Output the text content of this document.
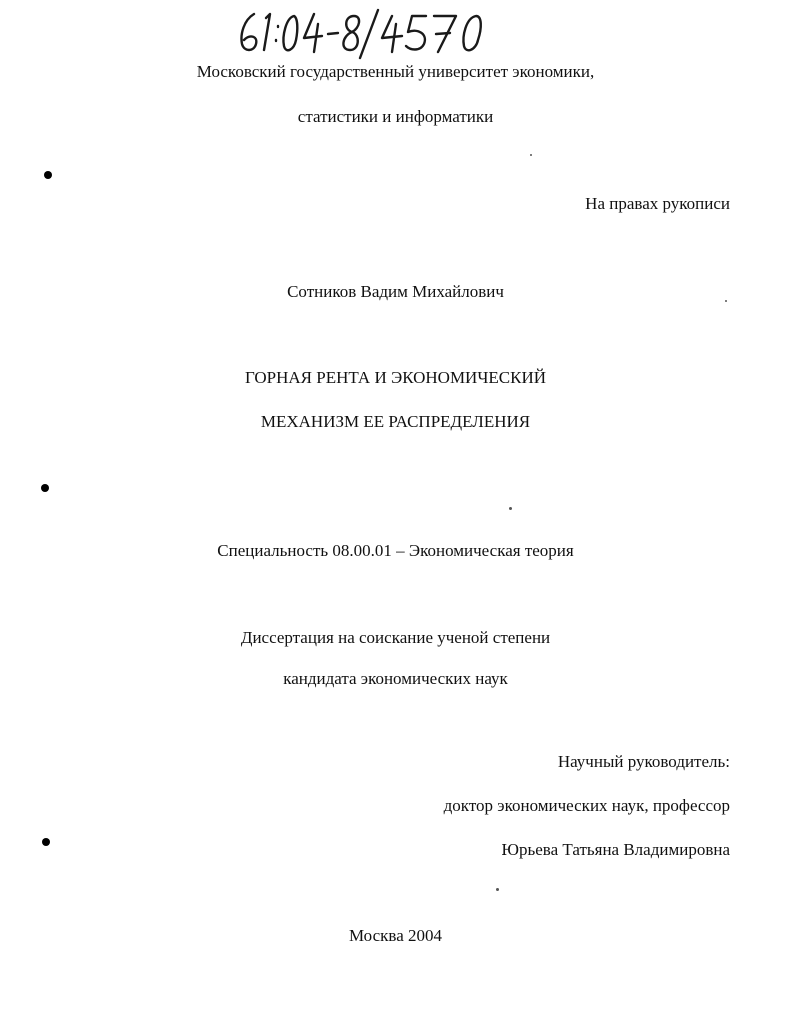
Московский государственный университет экономики,
статистики и информатики
На правах рукописи
Сотников Вадим Михайлович
ГОРНАЯ РЕНТА И ЭКОНОМИЧЕСКИЙ
МЕХАНИЗМ ЕЕ РАСПРЕДЕЛЕНИЯ
Специальность 08.00.01 – Экономическая теория
Диссертация на соискание ученой степени
кандидата экономических наук
Научный руководитель:
доктор экономических наук, профессор
Юрьева Татьяна Владимировна
Москва 2004
